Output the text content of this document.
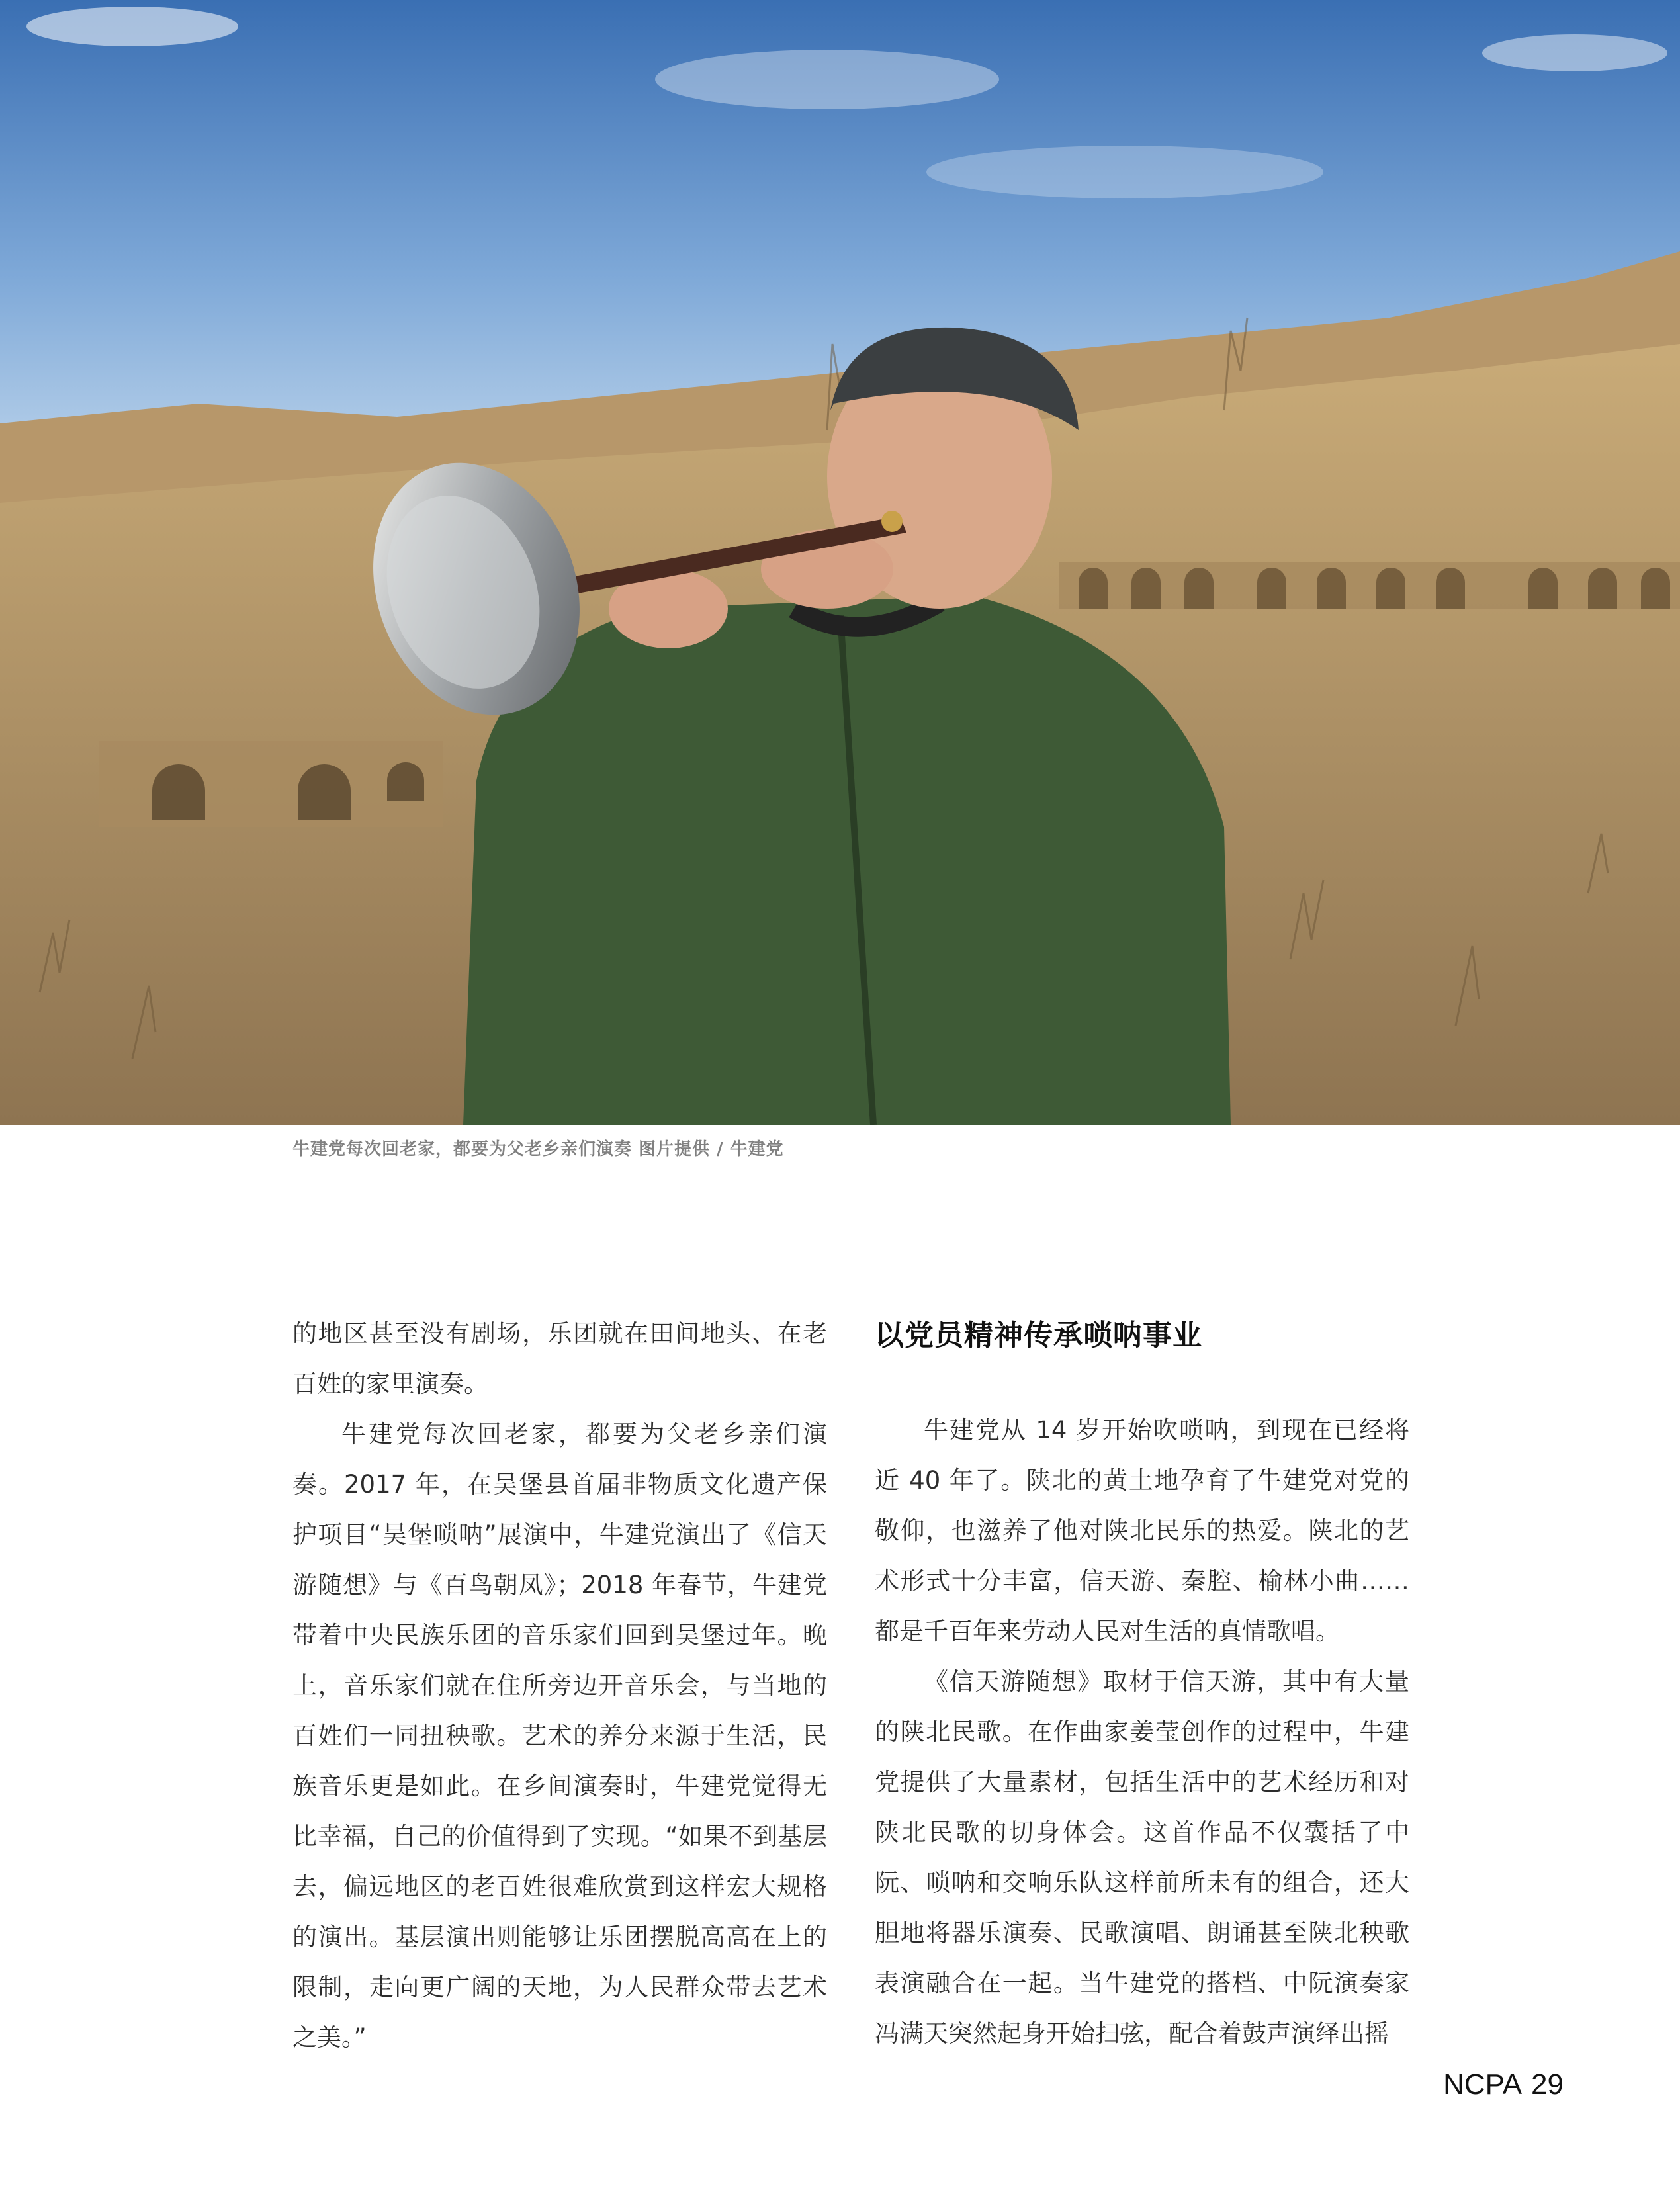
牛建党每次回老家，都要为父老乡亲们演奏 图片提供 / 牛建党

的地区甚至没有剧场，乐团就在田间地头、在老百姓的家里演奏。

牛建党每次回老家，都要为父老乡亲们演奏。2017 年，在吴堡县首届非物质文化遗产保护项目“吴堡唢呐”展演中，牛建党演出了《信天游随想》与《百鸟朝凤》；2018 年春节，牛建党带着中央民族乐团的音乐家们回到吴堡过年。晚上，音乐家们就在住所旁边开音乐会，与当地的百姓们一同扭秧歌。艺术的养分来源于生活，民族音乐更是如此。在乡间演奏时，牛建党觉得无比幸福，自己的价值得到了实现。“如果不到基层去，偏远地区的老百姓很难欣赏到这样宏大规格的演出。基层演出则能够让乐团摆脱高高在上的限制，走向更广阔的天地，为人民群众带去艺术之美。”

以党员精神传承唢呐事业

牛建党从 14 岁开始吹唢呐，到现在已经将近 40 年了。陕北的黄土地孕育了牛建党对党的敬仰，也滋养了他对陕北民乐的热爱。陕北的艺术形式十分丰富，信天游、秦腔、榆林小曲……都是千百年来劳动人民对生活的真情歌唱。

《信天游随想》取材于信天游，其中有大量的陕北民歌。在作曲家姜莹创作的过程中，牛建党提供了大量素材，包括生活中的艺术经历和对陕北民歌的切身体会。这首作品不仅囊括了中阮、唢呐和交响乐队这样前所未有的组合，还大胆地将器乐演奏、民歌演唱、朗诵甚至陕北秧歌表演融合在一起。当牛建党的搭档、中阮演奏家冯满天突然起身开始扫弦，配合着鼓声演绎出摇

NCPA 29
